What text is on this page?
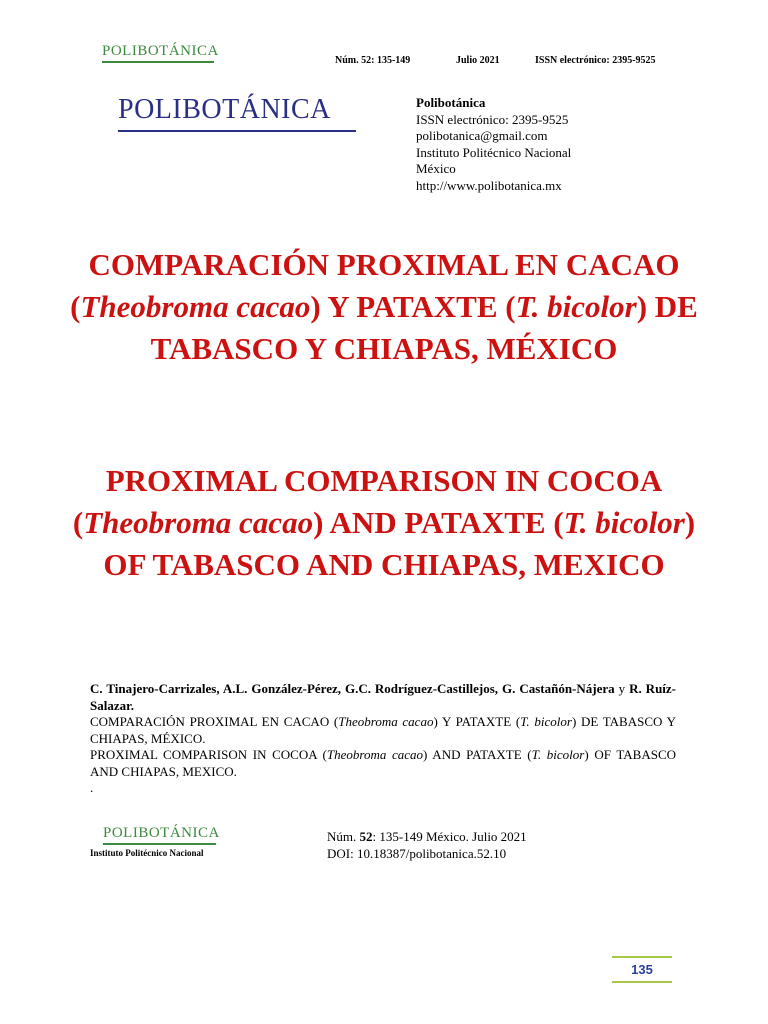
POLIBOTÁNICA
Núm. 52: 135-149	Julio 2021	ISSN electrónico: 2395-9525
POLIBOTÁNICA	Polibotánica
ISSN electrónico: 2395-9525
polibotanica@gmail.com
Instituto Politécnico Nacional
México
http://www.polibotanica.mx
COMPARACIÓN PROXIMAL EN CACAO (Theobroma cacao) Y PATAXTE (T. bicolor) DE TABASCO Y CHIAPAS, MÉXICO
PROXIMAL COMPARISON IN COCOA (Theobroma cacao) AND PATAXTE (T. bicolor) OF TABASCO AND CHIAPAS, MEXICO
C. Tinajero-Carrizales, A.L. González-Pérez, G.C. Rodríguez-Castillejos, G. Castañón-Nájera y R. Ruíz-Salazar.
COMPARACIÓN PROXIMAL EN CACAO (Theobroma cacao) Y PATAXTE (T. bicolor) DE TABASCO Y CHIAPAS, MÉXICO.
PROXIMAL COMPARISON IN COCOA (Theobroma cacao) AND PATAXTE (T. bicolor) OF TABASCO AND CHIAPAS, MEXICO.
.
POLIBOTÁNICA
Instituto Politécnico Nacional
Núm. 52: 135-149 México. Julio 2021
DOI: 10.18387/polibotanica.52.10
135
